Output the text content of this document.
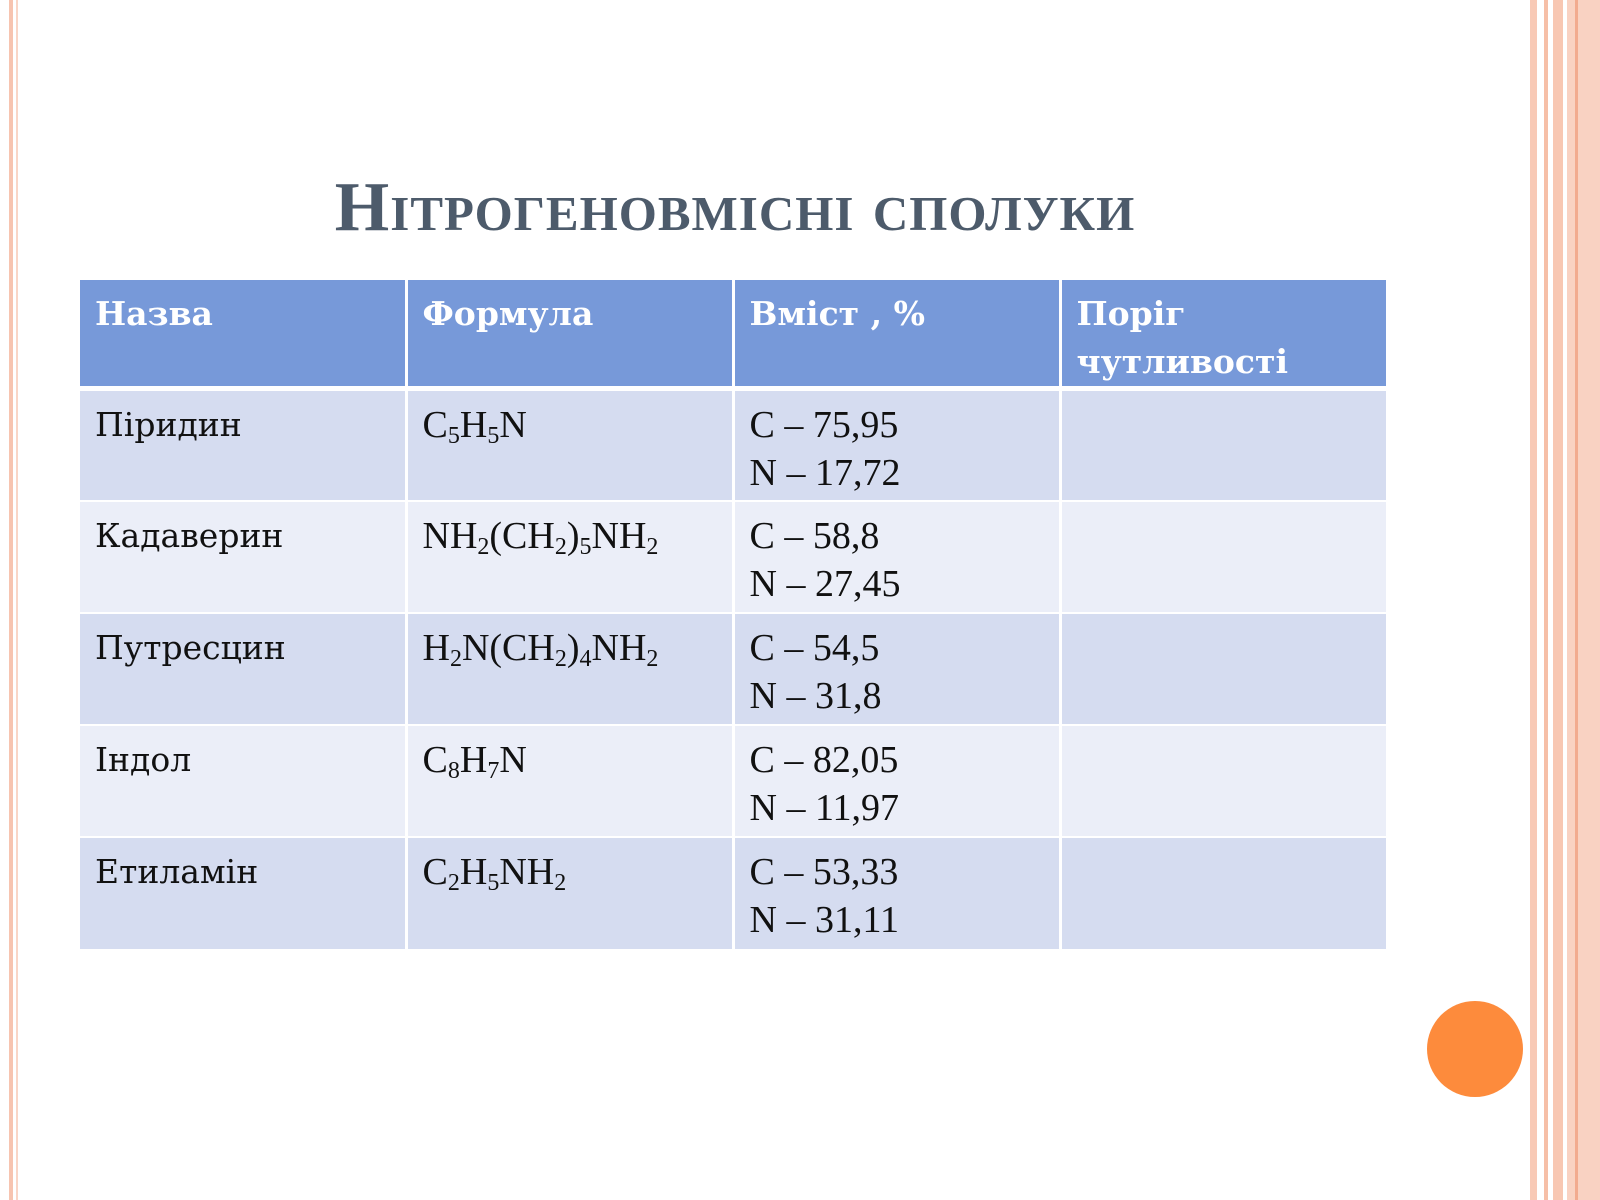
Нітрогеновмісні сполуки
Назва	Формула	Вміст , %	Поріг чутливості
Піридин	$C_5H_5N$	C – 75,95
N – 17,72	

Кадаверин	$NH_2(CH_2)_5NH_2$	C – 58,8
N – 27,45	

Путресцин	$H_2N(CH_2)_4NH_2$	C – 54,5
N – 31,8	

Індол	$C_8H_7N$	C – 82,05
N – 11,97	

Етиламін	$C_2H_5NH_2$	C – 53,33
N – 31,11	
